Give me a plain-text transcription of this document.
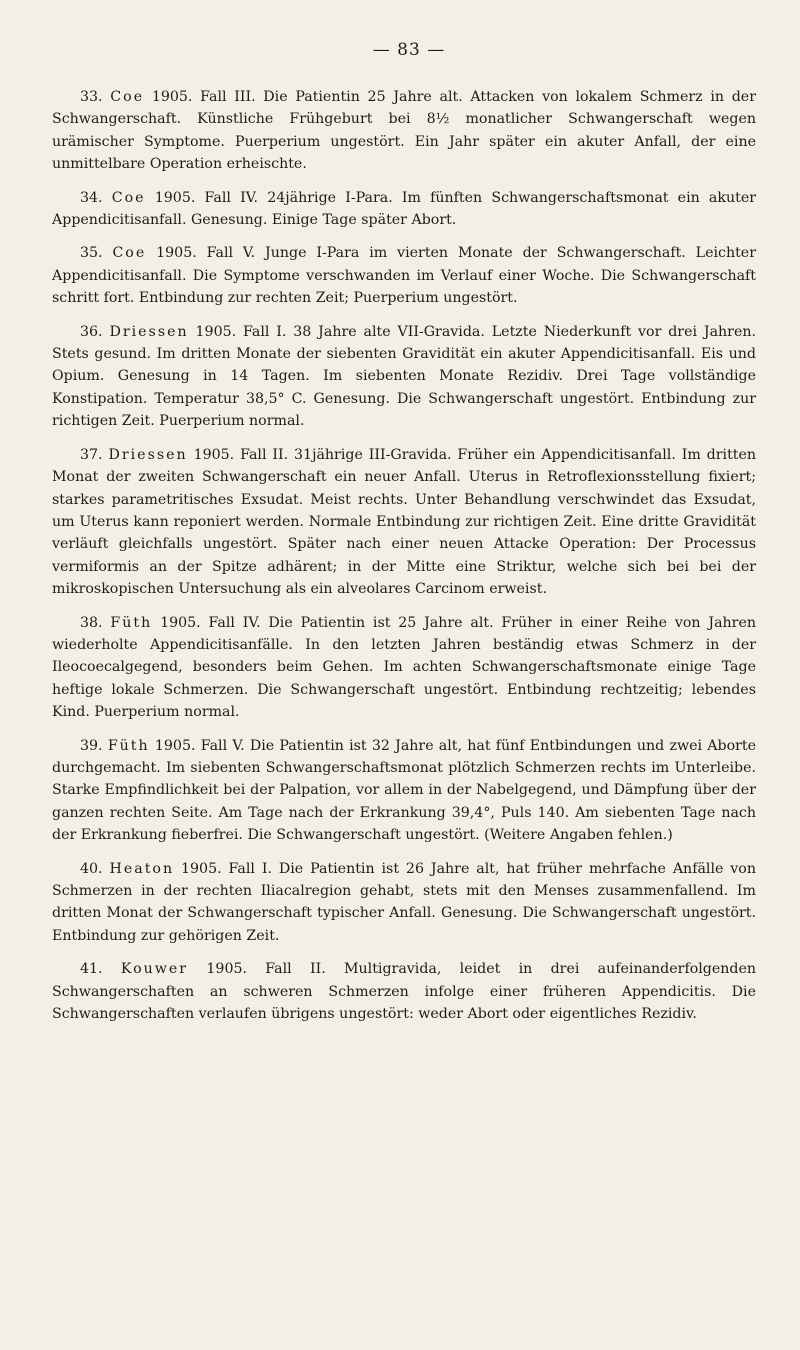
— 83 —

33. Coe 1905. Fall III. Die Patientin 25 Jahre alt. Attacken von lokalem Schmerz in der Schwangerschaft. Künstliche Frühgeburt bei 8½ monatlicher Schwangerschaft wegen urämischer Symptome. Puerperium ungestört. Ein Jahr später ein akuter Anfall, der eine unmittelbare Operation erheischte.

34. Coe 1905. Fall IV. 24jährige I-Para. Im fünften Schwangerschaftsmonat ein akuter Appendicitisanfall. Genesung. Einige Tage später Abort.

35. Coe 1905. Fall V. Junge I-Para im vierten Monate der Schwangerschaft. Leichter Appendicitisanfall. Die Symptome verschwanden im Verlauf einer Woche. Die Schwangerschaft schritt fort. Entbindung zur rechten Zeit; Puerperium ungestört.

36. Driessen 1905. Fall I. 38 Jahre alte VII-Gravida. Letzte Niederkunft vor drei Jahren. Stets gesund. Im dritten Monate der siebenten Gravidität ein akuter Appendicitisanfall. Eis und Opium. Genesung in 14 Tagen. Im siebenten Monate Rezidiv. Drei Tage vollständige Konstipation. Temperatur 38,5° C. Genesung. Die Schwangerschaft ungestört. Entbindung zur richtigen Zeit. Puerperium normal.

37. Driessen 1905. Fall II. 31jährige III-Gravida. Früher ein Appendicitisanfall. Im dritten Monat der zweiten Schwangerschaft ein neuer Anfall. Uterus in Retroflexionsstellung fixiert; starkes parametritisches Exsudat. Meist rechts. Unter Behandlung verschwindet das Exsudat, um Uterus kann reponiert werden. Normale Entbindung zur richtigen Zeit. Eine dritte Gravidität verläuft gleichfalls ungestört. Später nach einer neuen Attacke Operation: Der Processus vermiformis an der Spitze adhärent; in der Mitte eine Striktur, welche sich bei bei der mikroskopischen Untersuchung als ein alveolares Carcinom erweist.

38. Füth 1905. Fall IV. Die Patientin ist 25 Jahre alt. Früher in einer Reihe von Jahren wiederholte Appendicitisanfälle. In den letzten Jahren beständig etwas Schmerz in der Ileocoecalgegend, besonders beim Gehen. Im achten Schwangerschaftsmonate einige Tage heftige lokale Schmerzen. Die Schwangerschaft ungestört. Entbindung rechtzeitig; lebendes Kind. Puerperium normal.

39. Füth 1905. Fall V. Die Patientin ist 32 Jahre alt, hat fünf Entbindungen und zwei Aborte durchgemacht. Im siebenten Schwangerschaftsmonat plötzlich Schmerzen rechts im Unterleibe. Starke Empfindlichkeit bei der Palpation, vor allem in der Nabelgegend, und Dämpfung über der ganzen rechten Seite. Am Tage nach der Erkrankung 39,4°, Puls 140. Am siebenten Tage nach der Erkrankung fieberfrei. Die Schwangerschaft ungestört. (Weitere Angaben fehlen.)

40. Heaton 1905. Fall I. Die Patientin ist 26 Jahre alt, hat früher mehrfache Anfälle von Schmerzen in der rechten Iliacalregion gehabt, stets mit den Menses zusammenfallend. Im dritten Monat der Schwangerschaft typischer Anfall. Genesung. Die Schwangerschaft ungestört. Entbindung zur gehörigen Zeit.

41. Kouwer 1905. Fall II. Multigravida, leidet in drei aufeinanderfolgenden Schwangerschaften an schweren Schmerzen infolge einer früheren Appendicitis. Die Schwangerschaften verlaufen übrigens ungestört: weder Abort oder eigentliches Rezidiv.
